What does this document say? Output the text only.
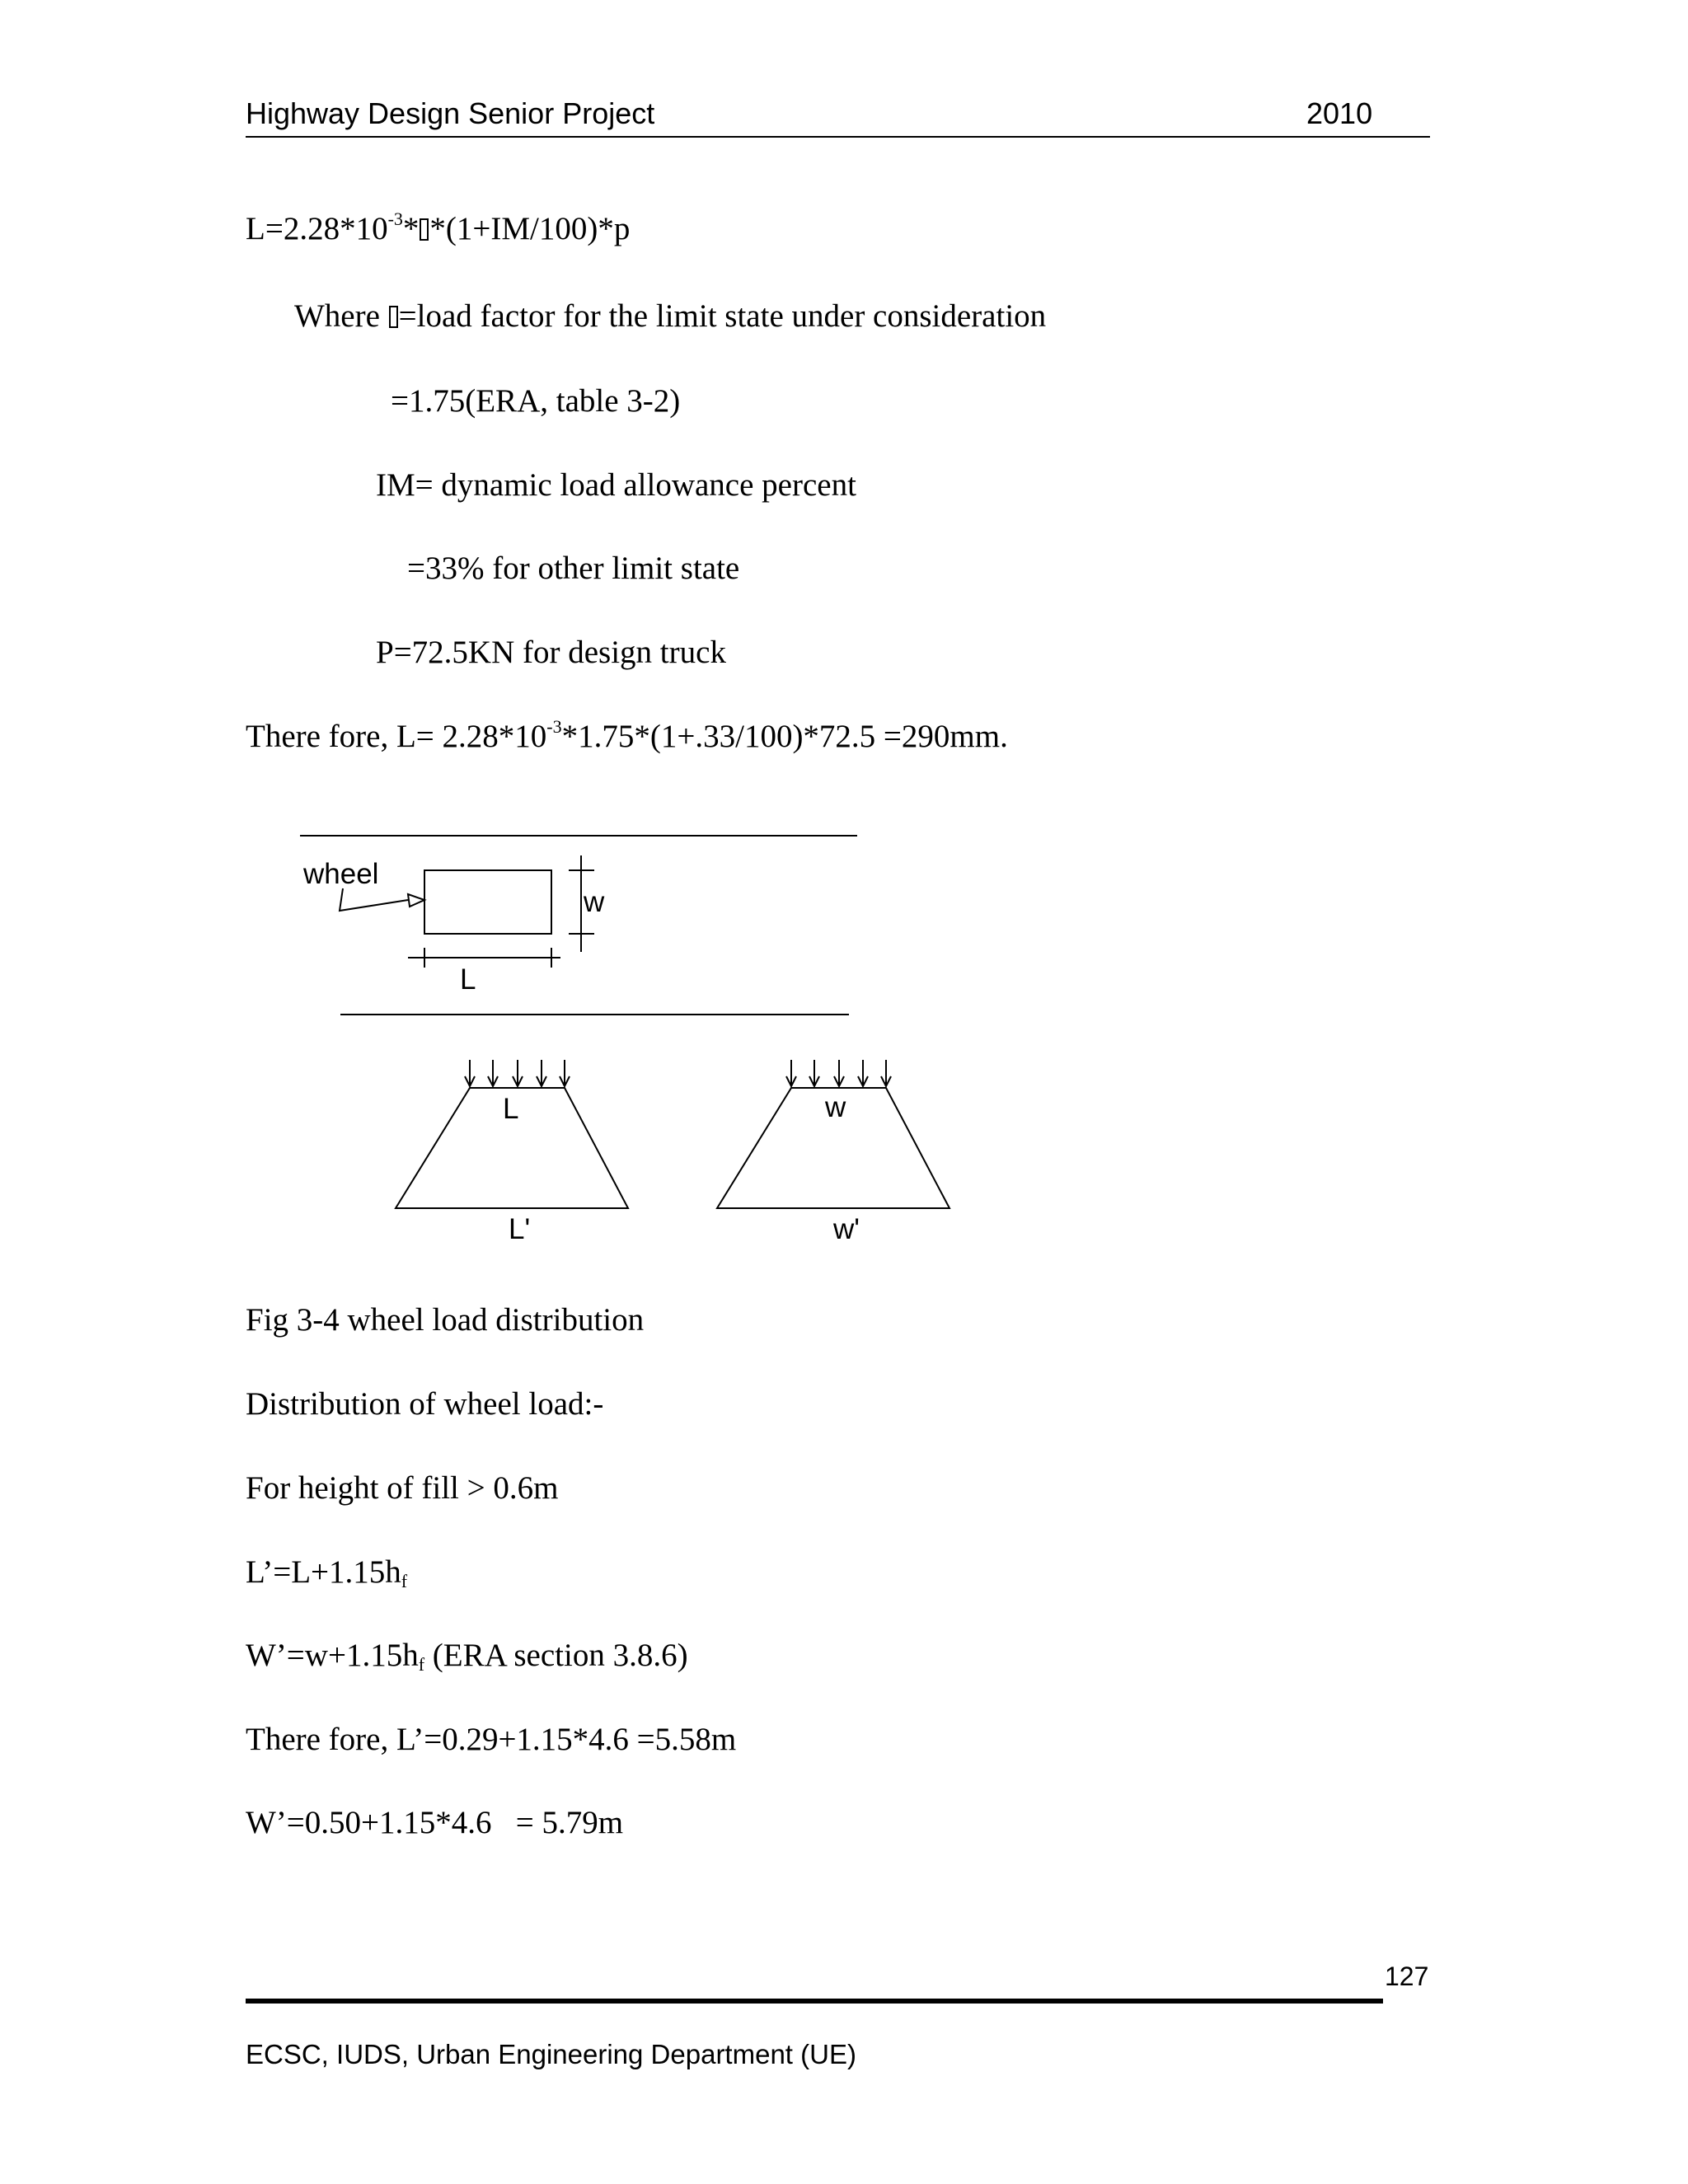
Highway Design Senior Project	2010
$L=2.28*10^{-3}*$ *(1+IM/100)*p
Where =load factor for the limit state under consideration
=1.75(ERA, table 3-2)
IM= dynamic load allowance percent
=33% for other limit state
P=72.5KN for design truck
There fore, $L= 2.28*10^{-3}*1.75*(1+.33/100)*72.5 =290mm$.
wheel
w
L
L
L'
w
w'
Fig 3-4 wheel load distribution
Distribution of wheel load:-
For height of fill > 0.6m
$L’=L+1.15h_f$
$W’=w+1.15h_f$ (ERA section 3.8.6)
There fore, L’=0.29+1.15*4.6 =5.58m
W’=0.50+1.15*4.6   = 5.79m
127
ECSC, IUDS, Urban Engineering Department (UE)
